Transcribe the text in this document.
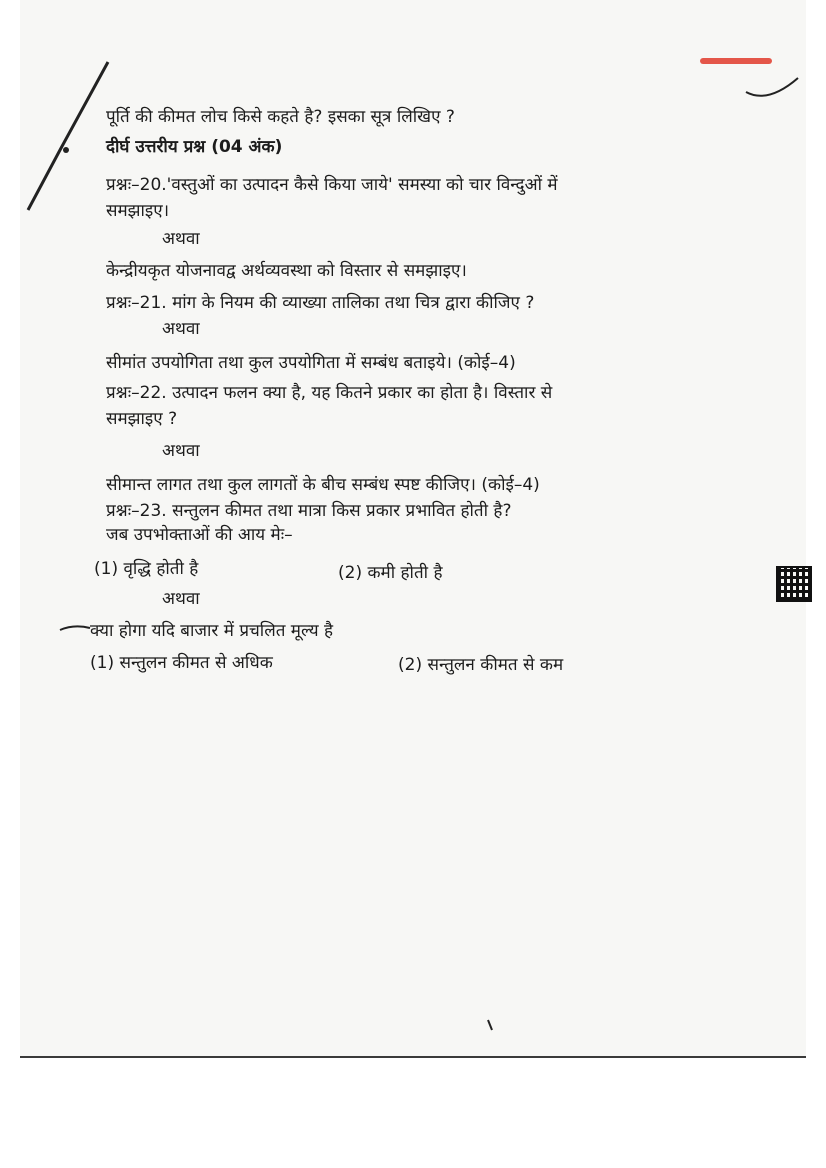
पूर्ति की कीमत लोच किसे कहते है? इसका सूत्र लिखिए ?
दीर्घ उत्तरीय प्रश्न (04 अंक)
प्रश्नः–20.'वस्तुओं का उत्पादन कैसे किया जाये' समस्या को चार विन्दुओं में
समझाइए।
अथवा
केन्द्रीयकृत योजनावद्व अर्थव्यवस्था को विस्तार से समझाइए।
प्रश्नः–21. मांग के नियम की व्याख्या तालिका तथा चित्र द्वारा कीजिए ?
अथवा
सीमांत उपयोगिता तथा कुल उपयोगिता में सम्बंध बताइये। (कोई–4)
प्रश्नः–22. उत्पादन फलन क्या है, यह कितने प्रकार का होता है। विस्तार से
समझाइए ?
अथवा
सीमान्त लागत तथा कुल लागतों के बीच सम्बंध स्पष्ट कीजिए। (कोई–4)
प्रश्नः–23. सन्तुलन कीमत तथा मात्रा किस प्रकार प्रभावित होती है?
जब उपभोक्ताओं की आय मेः–
(1) वृद्धि होती है	(2) कमी होती है
अथवा
क्या होगा यदि बाजार में प्रचलित मूल्य है
(1) सन्तुलन कीमत से अधिक	(2) सन्तुलन कीमत से कम
